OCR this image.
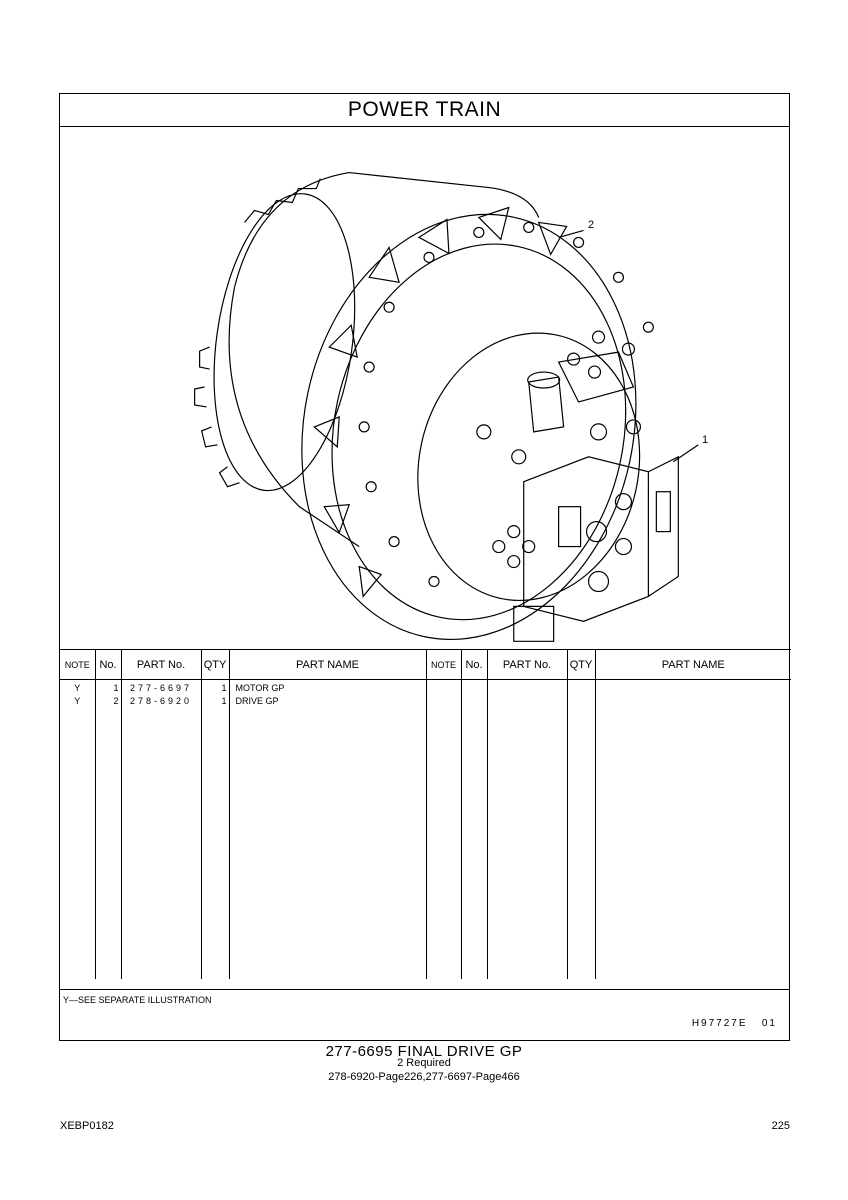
POWER TRAIN
1
2
NOTE	No.	PART No.	QTY	PART NAME	NOTE	No.	PART No.	QTY	PART NAME
Y	1	277-6697	1	MOTOR GP					
Y	2	278-6920	1	DRIVE GP					

Y—SEE SEPARATE ILLUSTRATION
H97727E 01
277-6695 FINAL DRIVE GP
2 Required
278-6920-Page226,277-6697-Page466
XEBP0182	225
